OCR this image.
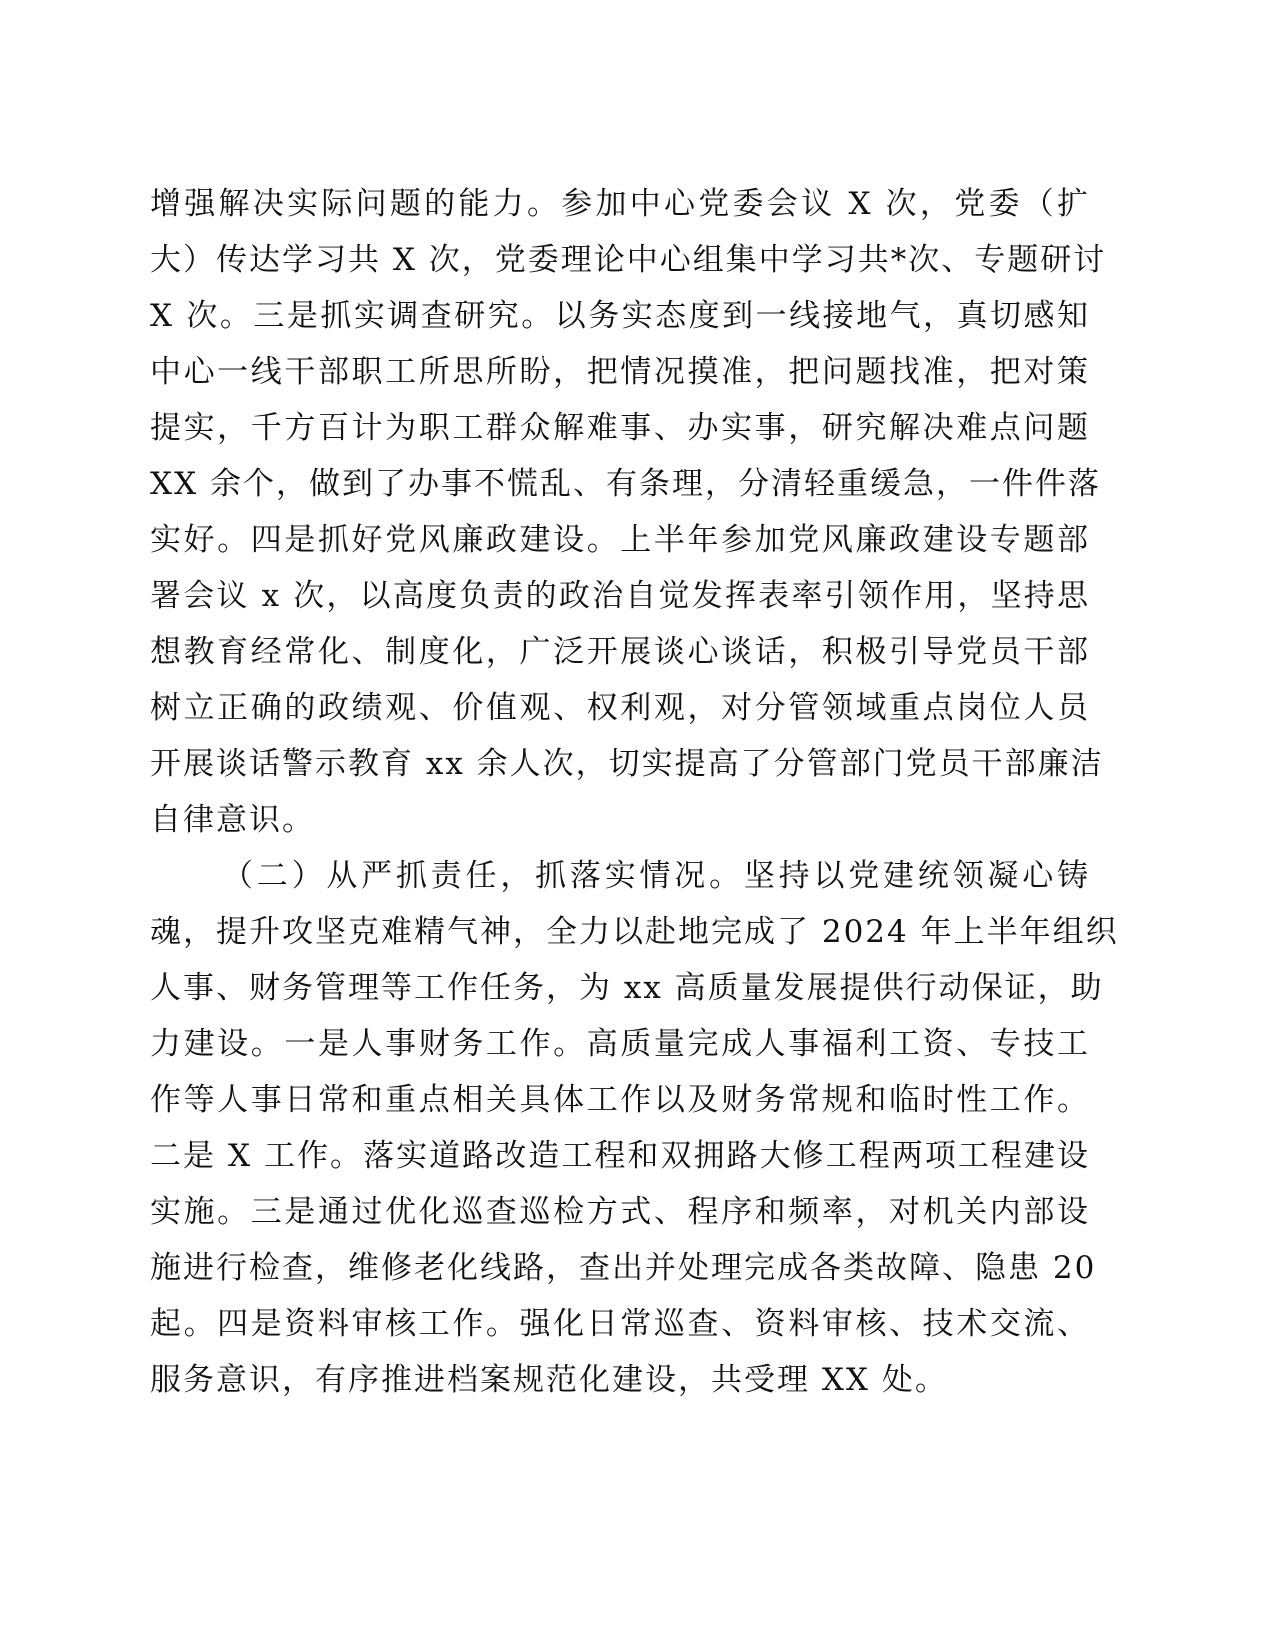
增强解决实际问题的能力。参加中心党委会议 X 次，党委（扩
大）传达学习共 X 次，党委理论中心组集中学习共*次、专题研讨
X 次。三是抓实调查研究。以务实态度到一线接地气，真切感知
中心一线干部职工所思所盼，把情况摸准，把问题找准，把对策
提实，千方百计为职工群众解难事、办实事，研究解决难点问题
XX 余个，做到了办事不慌乱、有条理，分清轻重缓急，一件件落
实好。四是抓好党风廉政建设。上半年参加党风廉政建设专题部
署会议 x 次，以高度负责的政治自觉发挥表率引领作用，坚持思
想教育经常化、制度化，广泛开展谈心谈话，积极引导党员干部
树立正确的政绩观、价值观、权利观，对分管领域重点岗位人员
开展谈话警示教育 xx 余人次，切实提高了分管部门党员干部廉洁
自律意识。
（二）从严抓责任，抓落实情况。坚持以党建统领凝心铸
魂，提升攻坚克难精气神，全力以赴地完成了 2024 年上半年组织
人事、财务管理等工作任务，为 xx 高质量发展提供行动保证，助
力建设。一是人事财务工作。高质量完成人事福利工资、专技工
作等人事日常和重点相关具体工作以及财务常规和临时性工作。
二是 X 工作。落实道路改造工程和双拥路大修工程两项工程建设
实施。三是通过优化巡查巡检方式、程序和频率，对机关内部设
施进行检查，维修老化线路，查出并处理完成各类故障、隐患 20
起。四是资料审核工作。强化日常巡查、资料审核、技术交流、
服务意识，有序推进档案规范化建设，共受理 XX 处。
